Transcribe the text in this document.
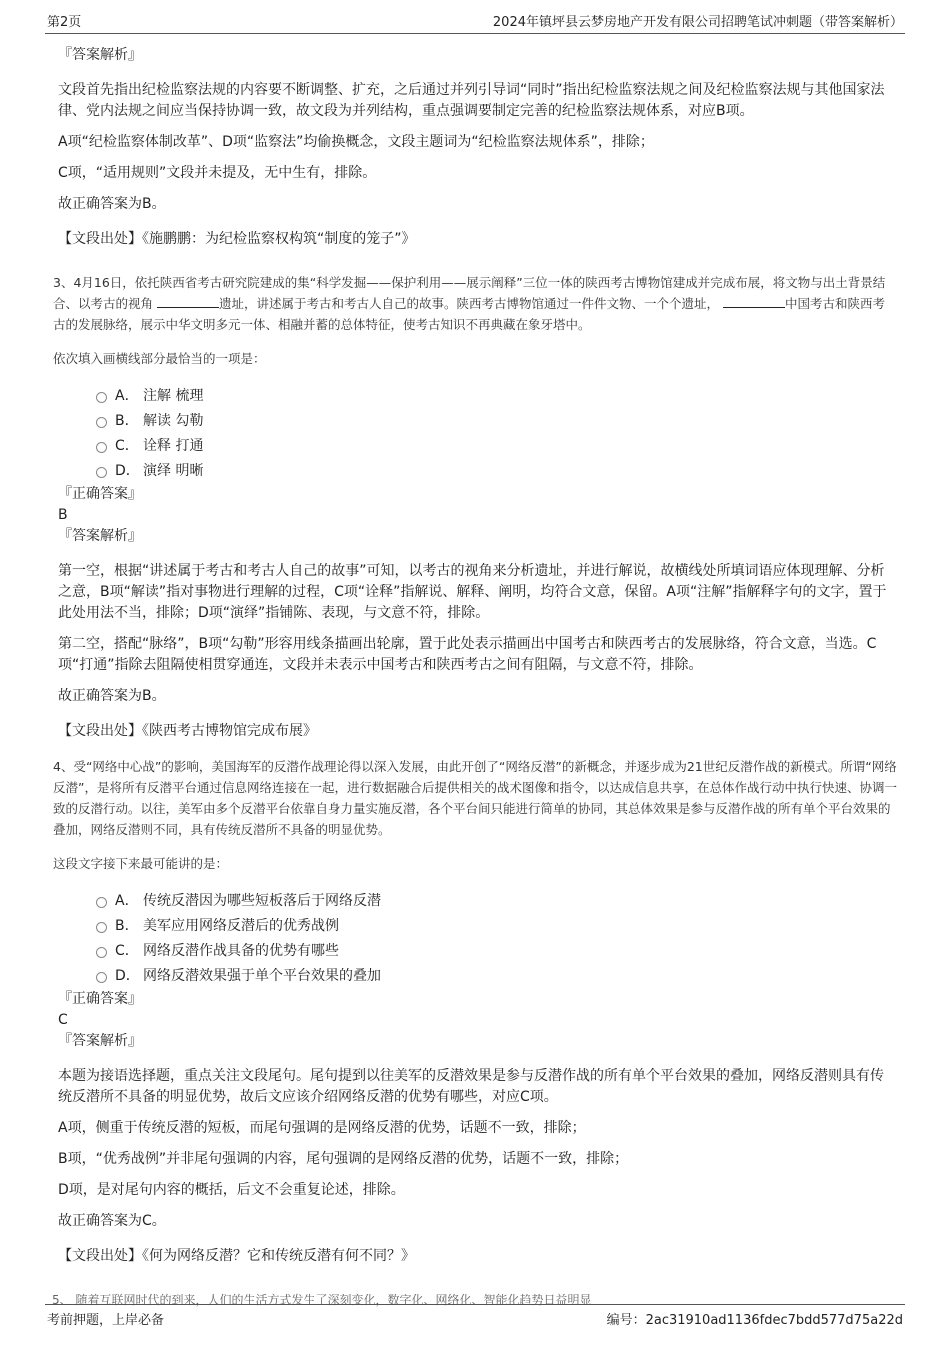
第2页	2024年镇坪县云梦房地产开发有限公司招聘笔试冲刺题（带答案解析）
『答案解析』

文段首先指出纪检监察法规的内容要不断调整、扩充，之后通过并列引导词“同时”指出纪检监察法规之间及纪检监察法规与其他国家法律、党内法规之间应当保持协调一致，故文段为并列结构，重点强调要制定完善的纪检监察法规体系，对应B项。

A项“纪检监察体制改革”、D项“监察法”均偷换概念，文段主题词为“纪检监察法规体系”，排除；

C项，“适用规则”文段并未提及，无中生有，排除。

故正确答案为B。

【文段出处】《施鹏鹏：为纪检监察权构筑“制度的笼子”》

3、4月16日，依托陕西省考古研究院建成的集“科学发掘——保护利用——展示阐释”三位一体的陕西考古博物馆建成并完成布展，将文物与出土背景结合、以考古的视角	遗址，讲述属于考古和考古人自己的故事。陕西考古博物馆通过一件件文物、一个个遗址，	中国考古和陕西考古的发展脉络，展示中华文明多元一体、相融并蓄的总体特征，使考古知识不再典藏在象牙塔中。

依次填入画横线部分最恰当的一项是：

A． 注解 梳理
B． 解读 勾勒
C． 诠释 打通
D． 演绎 明晰
『正确答案』
B
『答案解析』

第一空，根据“讲述属于考古和考古人自己的故事”可知，以考古的视角来分析遗址，并进行解说，故横线处所填词语应体现理解、分析之意，B项“解读”指对事物进行理解的过程，C项“诠释”指解说、解释、阐明，均符合文意，保留。A项“注解”指解释字句的文字，置于此处用法不当，排除；D项“演绎”指铺陈、表现，与文意不符，排除。

第二空，搭配“脉络”，B项“勾勒”形容用线条描画出轮廓，置于此处表示描画出中国考古和陕西考古的发展脉络，符合文意，当选。C项“打通”指除去阻隔使相贯穿通连，文段并未表示中国考古和陕西考古之间有阻隔，与文意不符，排除。

故正确答案为B。

【文段出处】《陕西考古博物馆完成布展》

4、受“网络中心战”的影响，美国海军的反潜作战理论得以深入发展，由此开创了“网络反潜”的新概念，并逐步成为21世纪反潜作战的新模式。所谓“网络反潜”，是将所有反潜平台通过信息网络连接在一起，进行数据融合后提供相关的战术图像和指令，以达成信息共享，在总体作战行动中执行快速、协调一致的反潜行动。以往，美军由多个反潜平台依靠自身力量实施反潜，各个平台间只能进行简单的协同，其总体效果是参与反潜作战的所有单个平台效果的叠加，网络反潜则不同，具有传统反潜所不具备的明显优势。

这段文字接下来最可能讲的是：

A． 传统反潜因为哪些短板落后于网络反潜
B． 美军应用网络反潜后的优秀战例
C． 网络反潜作战具备的优势有哪些
D． 网络反潜效果强于单个平台效果的叠加
『正确答案』
C
『答案解析』

本题为接语选择题，重点关注文段尾句。尾句提到以往美军的反潜效果是参与反潜作战的所有单个平台效果的叠加，网络反潜则具有传统反潜所不具备的明显优势，故后文应该介绍网络反潜的优势有哪些，对应C项。

A项，侧重于传统反潜的短板，而尾句强调的是网络反潜的优势，话题不一致，排除；

B项，“优秀战例”并非尾句强调的内容，尾句强调的是网络反潜的优势，话题不一致，排除；

D项，是对尾句内容的概括，后文不会重复论述，排除。

故正确答案为C。

【文段出处】《何为网络反潜？它和传统反潜有何不同？》

5、 随着互联网时代的到来，人们的生活方式发生了深刻变化，数字化、网络化、智能化趋势日益明显
考前押题，上岸必备	编号：2ac31910ad1136fdec7bdd577d75a22d
